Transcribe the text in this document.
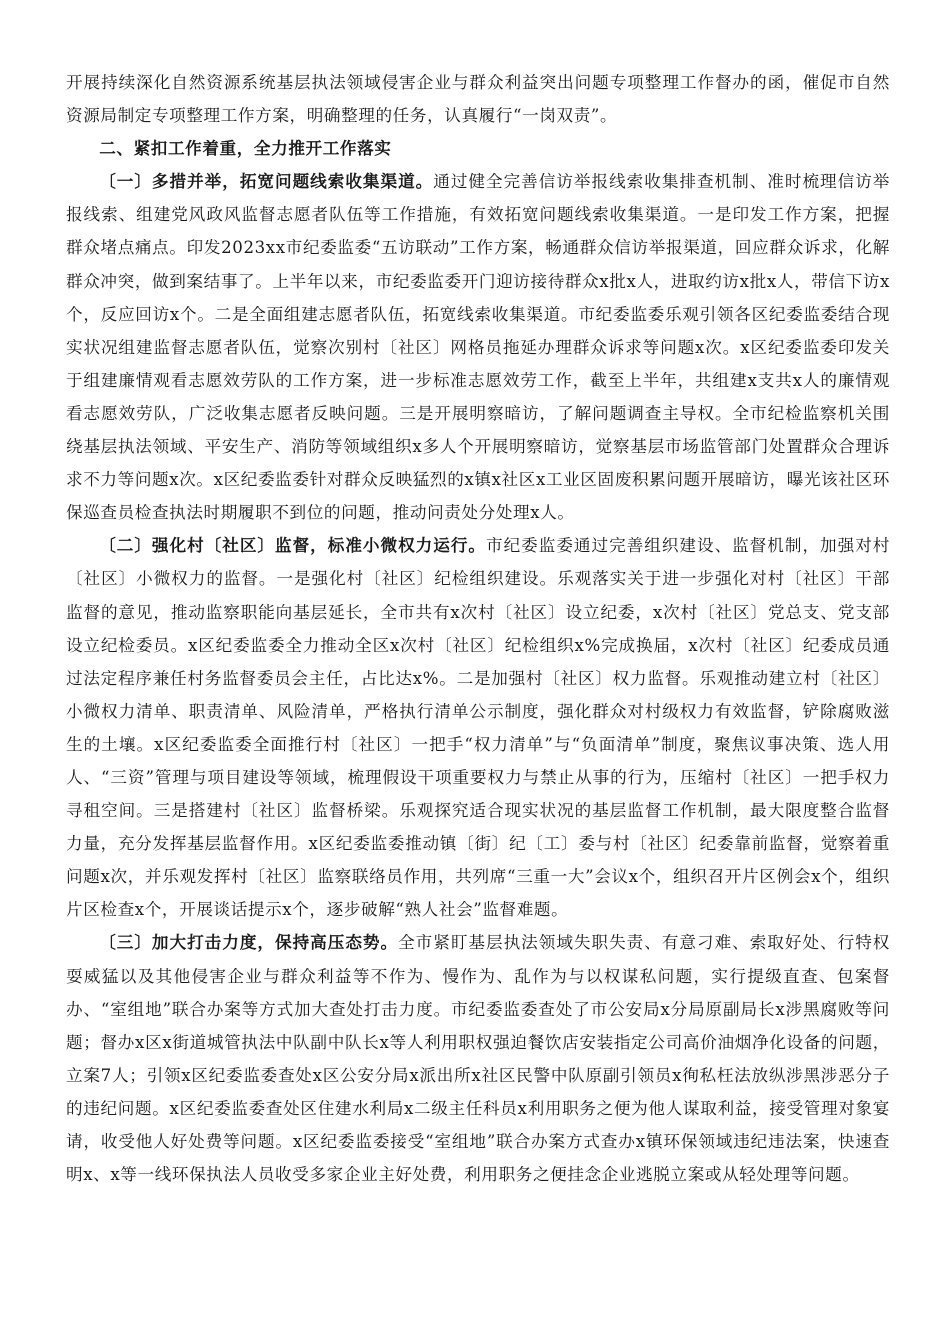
开展持续深化自然资源系统基层执法领域侵害企业与群众利益突出问题专项整理工作督办的函，催促市自然资源局制定专项整理工作方案，明确整理的任务，认真履行“一岗双责”。

二、紧扣工作着重，全力推开工作落实

〔一〕多措并举，拓宽问题线索收集渠道。通过健全完善信访举报线索收集排查机制、准时梳理信访举报线索、组建党风政风监督志愿者队伍等工作措施，有效拓宽问题线索收集渠道。一是印发工作方案，把握群众堵点痛点。印发2023xx市纪委监委“五访联动”工作方案，畅通群众信访举报渠道，回应群众诉求，化解群众冲突，做到案结事了。上半年以来，市纪委监委开门迎访接待群众x批x人，进取约访x批x人，带信下访x个，反应回访x个。二是全面组建志愿者队伍，拓宽线索收集渠道。市纪委监委乐观引领各区纪委监委结合现实状况组建监督志愿者队伍，觉察次别村〔社区〕网格员拖延办理群众诉求等问题x次。x区纪委监委印发关于组建廉情观看志愿效劳队的工作方案，进一步标准志愿效劳工作，截至上半年，共组建x支共x人的廉情观看志愿效劳队，广泛收集志愿者反映问题。三是开展明察暗访，了解问题调查主导权。全市纪检监察机关围绕基层执法领域、平安生产、消防等领域组织x多人个开展明察暗访，觉察基层市场监管部门处置群众合理诉求不力等问题x次。x区纪委监委针对群众反映猛烈的x镇x社区x工业区固废积累问题开展暗访，曝光该社区环保巡查员检查执法时期履职不到位的问题，推动问责处分处理x人。

〔二〕强化村〔社区〕监督，标准小微权力运行。市纪委监委通过完善组织建设、监督机制，加强对村〔社区〕小微权力的监督。一是强化村〔社区〕纪检组织建设。乐观落实关于进一步强化对村〔社区〕干部监督的意见，推动监察职能向基层延长，全市共有x次村〔社区〕设立纪委，x次村〔社区〕党总支、党支部设立纪检委员。x区纪委监委全力推动全区x次村〔社区〕纪检组织x%完成换届，x次村〔社区〕纪委成员通过法定程序兼任村务监督委员会主任，占比达x%。二是加强村〔社区〕权力监督。乐观推动建立村〔社区〕小微权力清单、职责清单、风险清单，严格执行清单公示制度，强化群众对村级权力有效监督，铲除腐败滋生的土壤。x区纪委监委全面推行村〔社区〕一把手“权力清单”与“负面清单”制度，聚焦议事决策、选人用人、“三资”管理与项目建设等领域，梳理假设干项重要权力与禁止从事的行为，压缩村〔社区〕一把手权力寻租空间。三是搭建村〔社区〕监督桥梁。乐观探究适合现实状况的基层监督工作机制，最大限度整合监督力量，充分发挥基层监督作用。x区纪委监委推动镇〔街〕纪〔工〕委与村〔社区〕纪委靠前监督，觉察着重问题x次，并乐观发挥村〔社区〕监察联络员作用，共列席“三重一大”会议x个，组织召开片区例会x个，组织片区检查x个，开展谈话提示x个，逐步破解“熟人社会”监督难题。

〔三〕加大打击力度，保持高压态势。全市紧盯基层执法领域失职失责、有意刁难、索取好处、行特权耍威猛以及其他侵害企业与群众利益等不作为、慢作为、乱作为与以权谋私问题，实行提级直查、包案督办、“室组地”联合办案等方式加大查处打击力度。市纪委监委查处了市公安局x分局原副局长x涉黑腐败等问题；督办x区x街道城管执法中队副中队长x等人利用职权强迫餐饮店安装指定公司高价油烟净化设备的问题，立案7人；引领x区纪委监委查处x区公安分局x派出所x社区民警中队原副引领员x徇私枉法放纵涉黑涉恶分子的违纪问题。x区纪委监委查处区住建水利局x二级主任科员x利用职务之便为他人谋取利益，接受管理对象宴请，收受他人好处费等问题。x区纪委监委接受“室组地”联合办案方式查办x镇环保领域违纪违法案，快速查明x、x等一线环保执法人员收受多家企业主好处费，利用职务之便挂念企业逃脱立案或从轻处理等问题。
